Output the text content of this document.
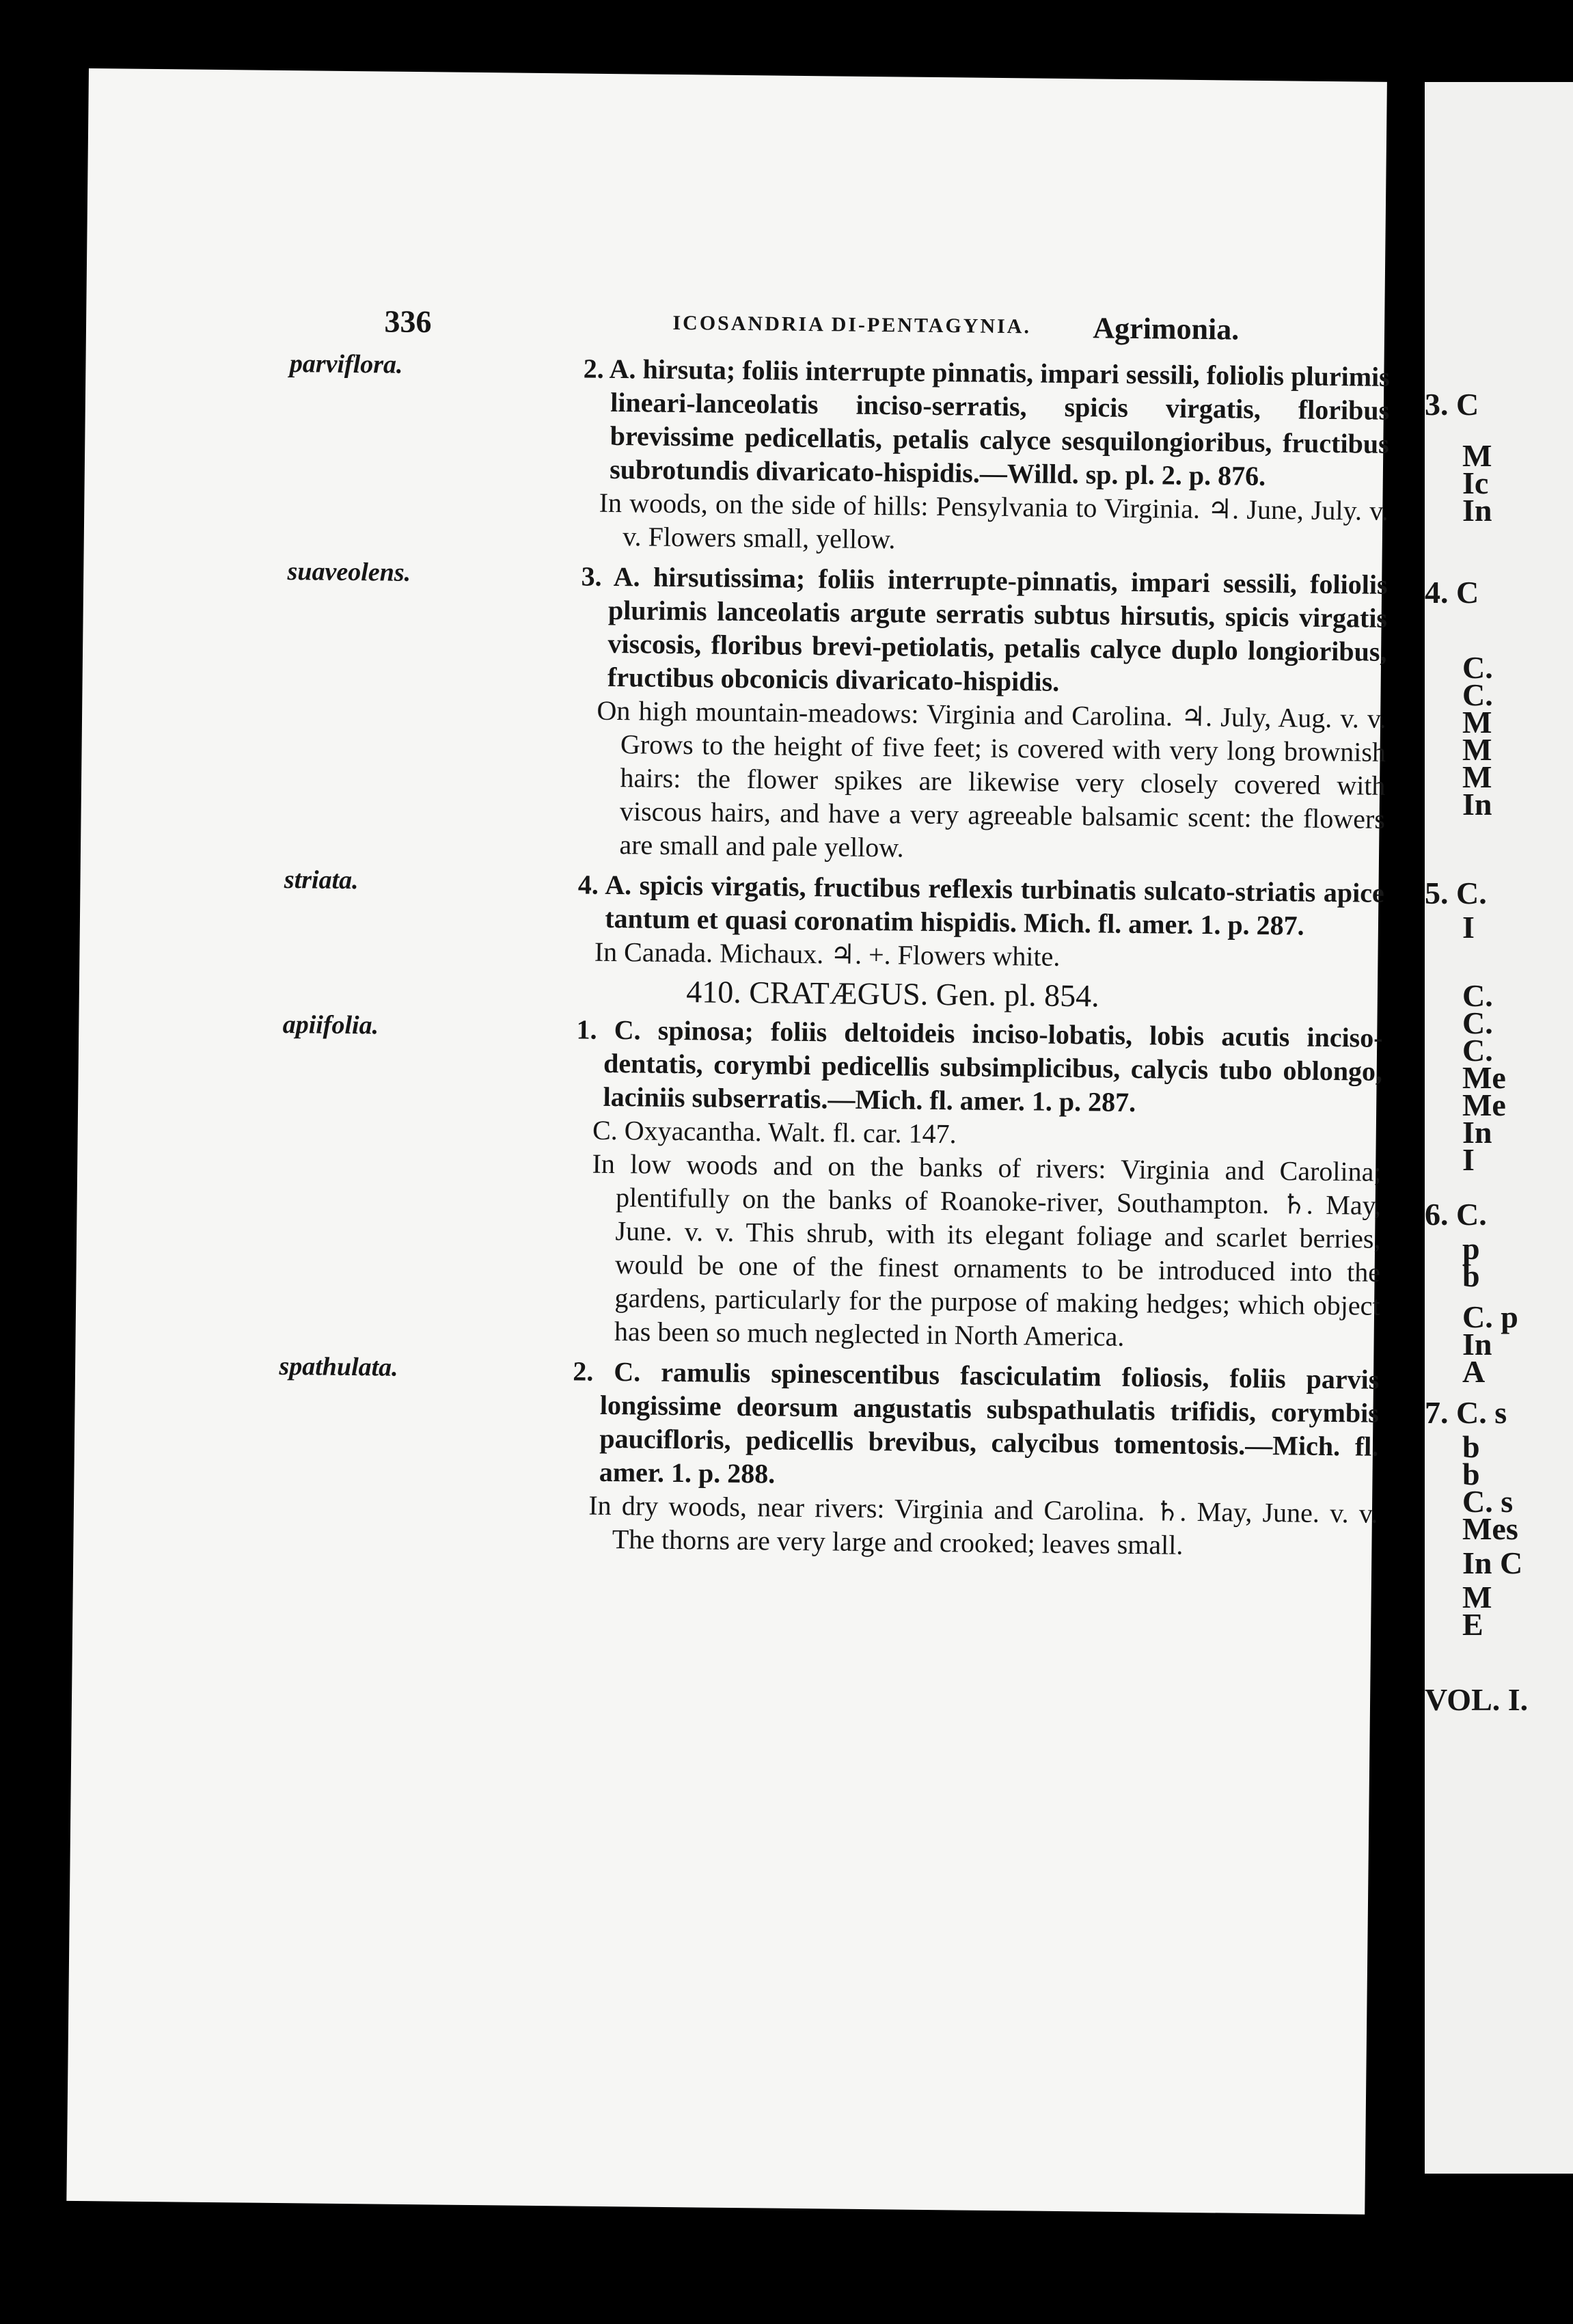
3. C
M
Ic
In
4. C
C.
C.
M
M
M
In
5. C.
I
C.
C.
C.
Me
Me
In
I
6. C.
p
b
C. p
In
A
7. C. s
b
b
C. s
Mes
In C
M
E
VOL. I.
336	ICOSANDRIA DI-PENTAGYNIA. Agrimonia.
parviflora.	2. A. hirsuta; foliis interrupte pinnatis, impari sessili, foliolis plurimis lineari-lanceolatis inciso-serratis, spicis virgatis, floribus brevissime pedicellatis, petalis calyce sesquilongioribus, fructibus subrotundis divaricato-hispidis.—Willd. sp. pl. 2. p. 876.
In woods, on the side of hills: Pensylvania to Virginia. ♃. June, July. v. v. Flowers small, yellow.
suaveolens.	3. A. hirsutissima; foliis interrupte-pinnatis, impari sessili, foliolis plurimis lanceolatis argute serratis subtus hirsutis, spicis virgatis viscosis, floribus brevi-petiolatis, petalis calyce duplo longioribus, fructibus obconicis divaricato-hispidis.
On high mountain-meadows: Virginia and Carolina. ♃. July, Aug. v. v. Grows to the height of five feet; is covered with very long brownish hairs: the flower spikes are likewise very closely covered with viscous hairs, and have a very agreeable balsamic scent: the flowers are small and pale yellow.
striata.	4. A. spicis virgatis, fructibus reflexis turbinatis sulcato-striatis apice tantum et quasi coronatim hispidis. Mich. fl. amer. 1. p. 287.
In Canada. Michaux. ♃. +. Flowers white.
410. CRATÆGUS. Gen. pl. 854.
apiifolia.	1. C. spinosa; foliis deltoideis inciso-lobatis, lobis acutis inciso-dentatis, corymbi pedicellis subsimplicibus, calycis tubo oblongo, laciniis subserratis.—Mich. fl. amer. 1. p. 287.
C. Oxyacantha. Walt. fl. car. 147.
In low woods and on the banks of rivers: Virginia and Carolina; plentifully on the banks of Roanoke-river, Southampton. ♄. May, June. v. v. This shrub, with its elegant foliage and scarlet berries, would be one of the finest ornaments to be introduced into the gardens, particularly for the purpose of making hedges; which object has been so much neglected in North America.
spathulata.	2. C. ramulis spinescentibus fasciculatim foliosis, foliis parvis longissime deorsum angustatis subspathulatis trifidis, corymbis paucifloris, pedicellis brevibus, calycibus tomentosis.—Mich. fl. amer. 1. p. 288.
In dry woods, near rivers: Virginia and Carolina. ♄. May, June. v. v. The thorns are very large and crooked; leaves small.
